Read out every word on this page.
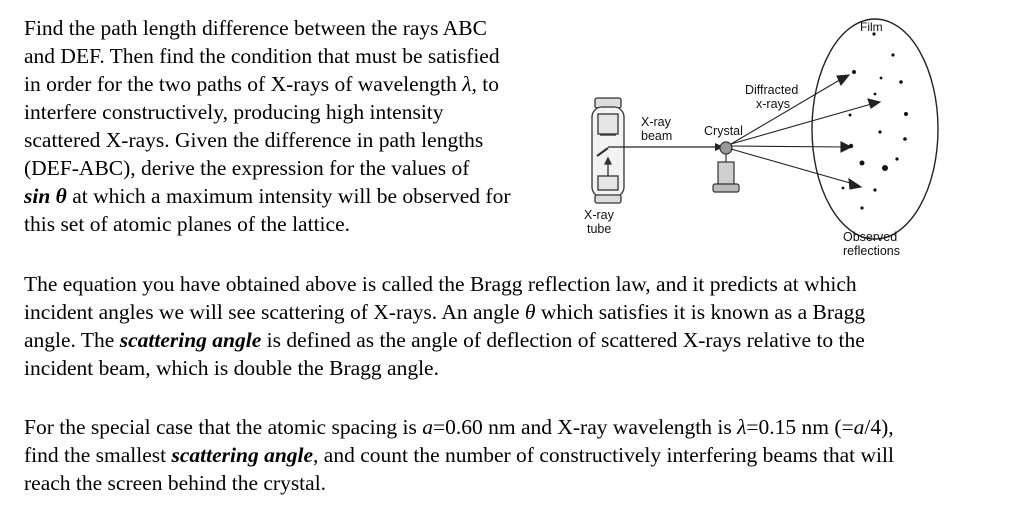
Find the path length difference between the rays ABC
and DEF. Then find the condition that must be satisfied
in order for the two paths of X-rays of wavelength λ, to
interfere constructively, producing high intensity
scattered X-rays. Given the difference in path lengths
(DEF-ABC), derive the expression for the values of
sin θ at which a maximum intensity will be observed for
this set of atomic planes of the lattice.
Film
Diffracted
x-rays
X-ray
beam	Crystal
X-ray
tube
Observed
reflections
The equation you have obtained above is called the Bragg reflection law, and it predicts at which
incident angles we will see scattering of X-rays. An angle θ which satisfies it is known as a Bragg
angle. The scattering angle is defined as the angle of deflection of scattered X-rays relative to the
incident beam, which is double the Bragg angle.
For the special case that the atomic spacing is a=0.60 nm and X-ray wavelength is λ=0.15 nm (=a/4),
find the smallest scattering angle, and count the number of constructively interfering beams that will
reach the screen behind the crystal.
